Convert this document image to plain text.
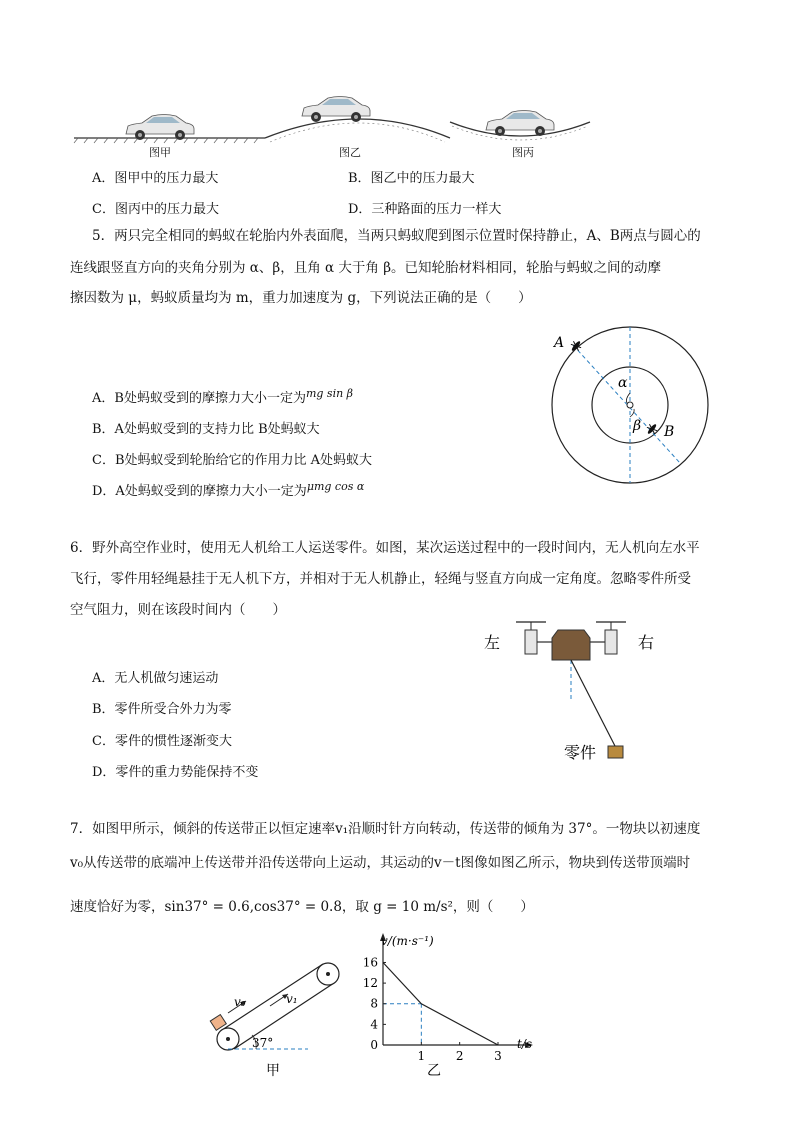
图甲	图乙	图丙
A．图甲中的压力最大	B．图乙中的压力最大
C．图丙中的压力最大	D．三种路面的压力一样大
5．两只完全相同的蚂蚁在轮胎内外表面爬，当两只蚂蚁爬到图示位置时保持静止，A、B两点与圆心的
连线跟竖直方向的夹角分别为 α、β，且角 α 大于角 β。已知轮胎材料相同，轮胎与蚂蚁之间的动摩
擦因数为 μ，蚂蚁质量均为 m，重力加速度为 g，下列说法正确的是（　　）
A．B处蚂蚁受到的摩擦力大小一定为$^{mg sin \beta}$
B．A处蚂蚁受到的支持力比 B处蚂蚁大
C．B处蚂蚁受到轮胎给它的作用力比 A处蚂蚁大
D．A处蚂蚁受到的摩擦力大小一定为$^{\mu mg cos \alpha}$
A
B
α
β
6．野外高空作业时，使用无人机给工人运送零件。如图，某次运送过程中的一段时间内，无人机向左水平
飞行，零件用轻绳悬挂于无人机下方，并相对于无人机静止，轻绳与竖直方向成一定角度。忽略零件所受
空气阻力，则在该段时间内（　　）
A．无人机做匀速运动
B．零件所受合外力为零
C．零件的惯性逐渐变大
D．零件的重力势能保持不变
左	右
零件
7．如图甲所示，倾斜的传送带正以恒定速率v₁沿顺时针方向转动，传送带的倾角为 37°。一物块以初速度
v₀从传送带的底端冲上传送带并沿传送带向上运动，其运动的v－t图像如图乙所示，物块到传送带顶端时
速度恰好为零，sin37° = 0.6,cos37° = 0.8，取 g = 10 m/s²，则（　　）
v₀	v₁
37°
甲
0
4
8
12
16
1	2	3
v/(m·s⁻¹)
t/s
乙
